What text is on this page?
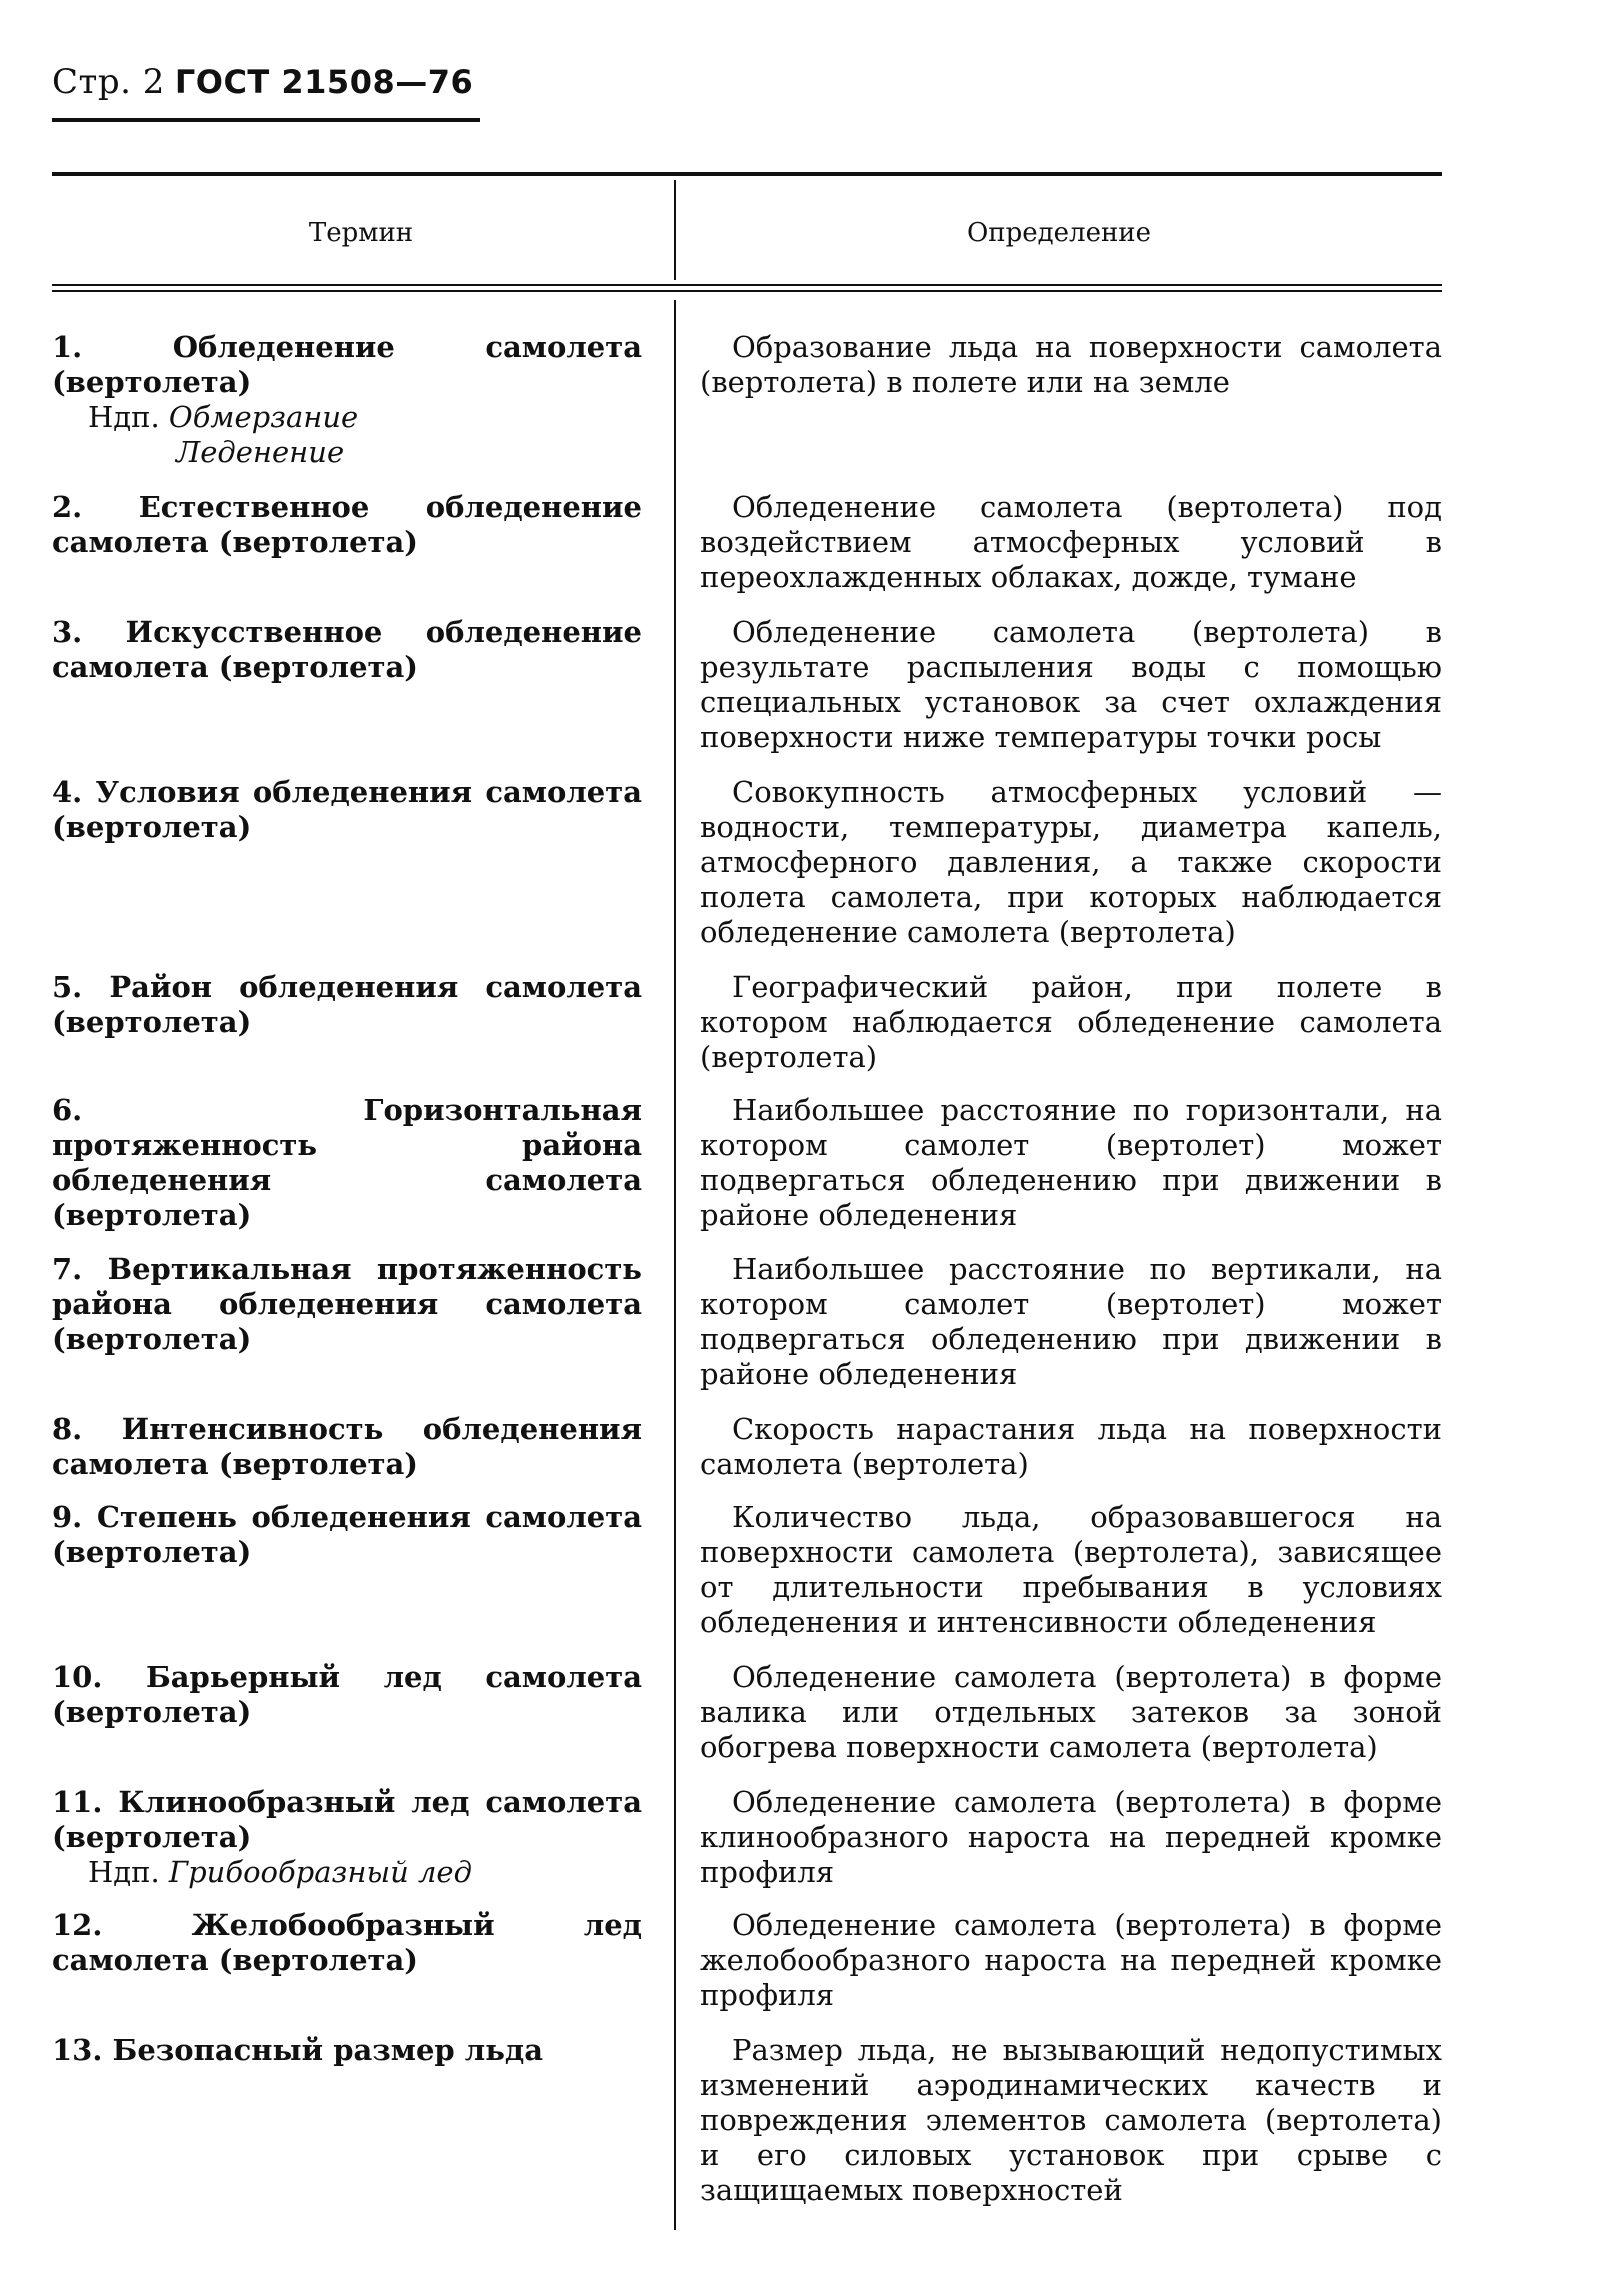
Стр. 2 ГОСТ 21508—76
Термин	Определение
1. Обледенение самолета (вертолета)
Ндп. Обмерзание
Леденение
Образование льда на поверхности самолета (вертолета) в полете или на земле
2. Естественное обледенение самолета (вертолета)
Обледенение самолета (вертолета) под воздействием атмосферных условий в переохлажденных облаках, дожде, тумане
3. Искусственное обледенение самолета (вертолета)
Обледенение самолета (вертолета) в результате распыления воды с помощью специальных установок за счет охлаждения поверхности ниже температуры точки росы
4. Условия обледенения самолета (вертолета)
Совокупность атмосферных условий — водности, температуры, диаметра капель, атмосферного давления, а также скорости полета самолета, при которых наблюдается обледенение самолета (вертолета)
5. Район обледенения самолета (вертолета)
Географический район, при полете в котором наблюдается обледенение самолета (вертолета)
6. Горизонтальная протяженность района обледенения самолета (вертолета)
Наибольшее расстояние по горизонтали, на котором самолет (вертолет) может подвергаться обледенению при движении в районе обледенения
7. Вертикальная протяженность района обледенения самолета (вертолета)
Наибольшее расстояние по вертикали, на котором самолет (вертолет) может подвергаться обледенению при движении в районе обледенения
8. Интенсивность обледенения самолета (вертолета)
Скорость нарастания льда на поверхности самолета (вертолета)
9. Степень обледенения самолета (вертолета)
Количество льда, образовавшегося на поверхности самолета (вертолета), зависящее от длительности пребывания в условиях обледенения и интенсивности обледенения
10. Барьерный лед самолета (вертолета)
Обледенение самолета (вертолета) в форме валика или отдельных затеков за зоной обогрева поверхности самолета (вертолета)
11. Клинообразный лед самолета (вертолета)
Ндп. Грибообразный лед
Обледенение самолета (вертолета) в форме клинообразного нароста на передней кромке профиля
12. Желобообразный лед самолета (вертолета)
Обледенение самолета (вертолета) в форме желобообразного нароста на передней кромке профиля
13. Безопасный размер льда	Размер льда, не вызывающий недопустимых изменений аэродинамических качеств и повреждения элементов самолета (вертолета) и его силовых установок при срыве с защищаемых поверхностей
